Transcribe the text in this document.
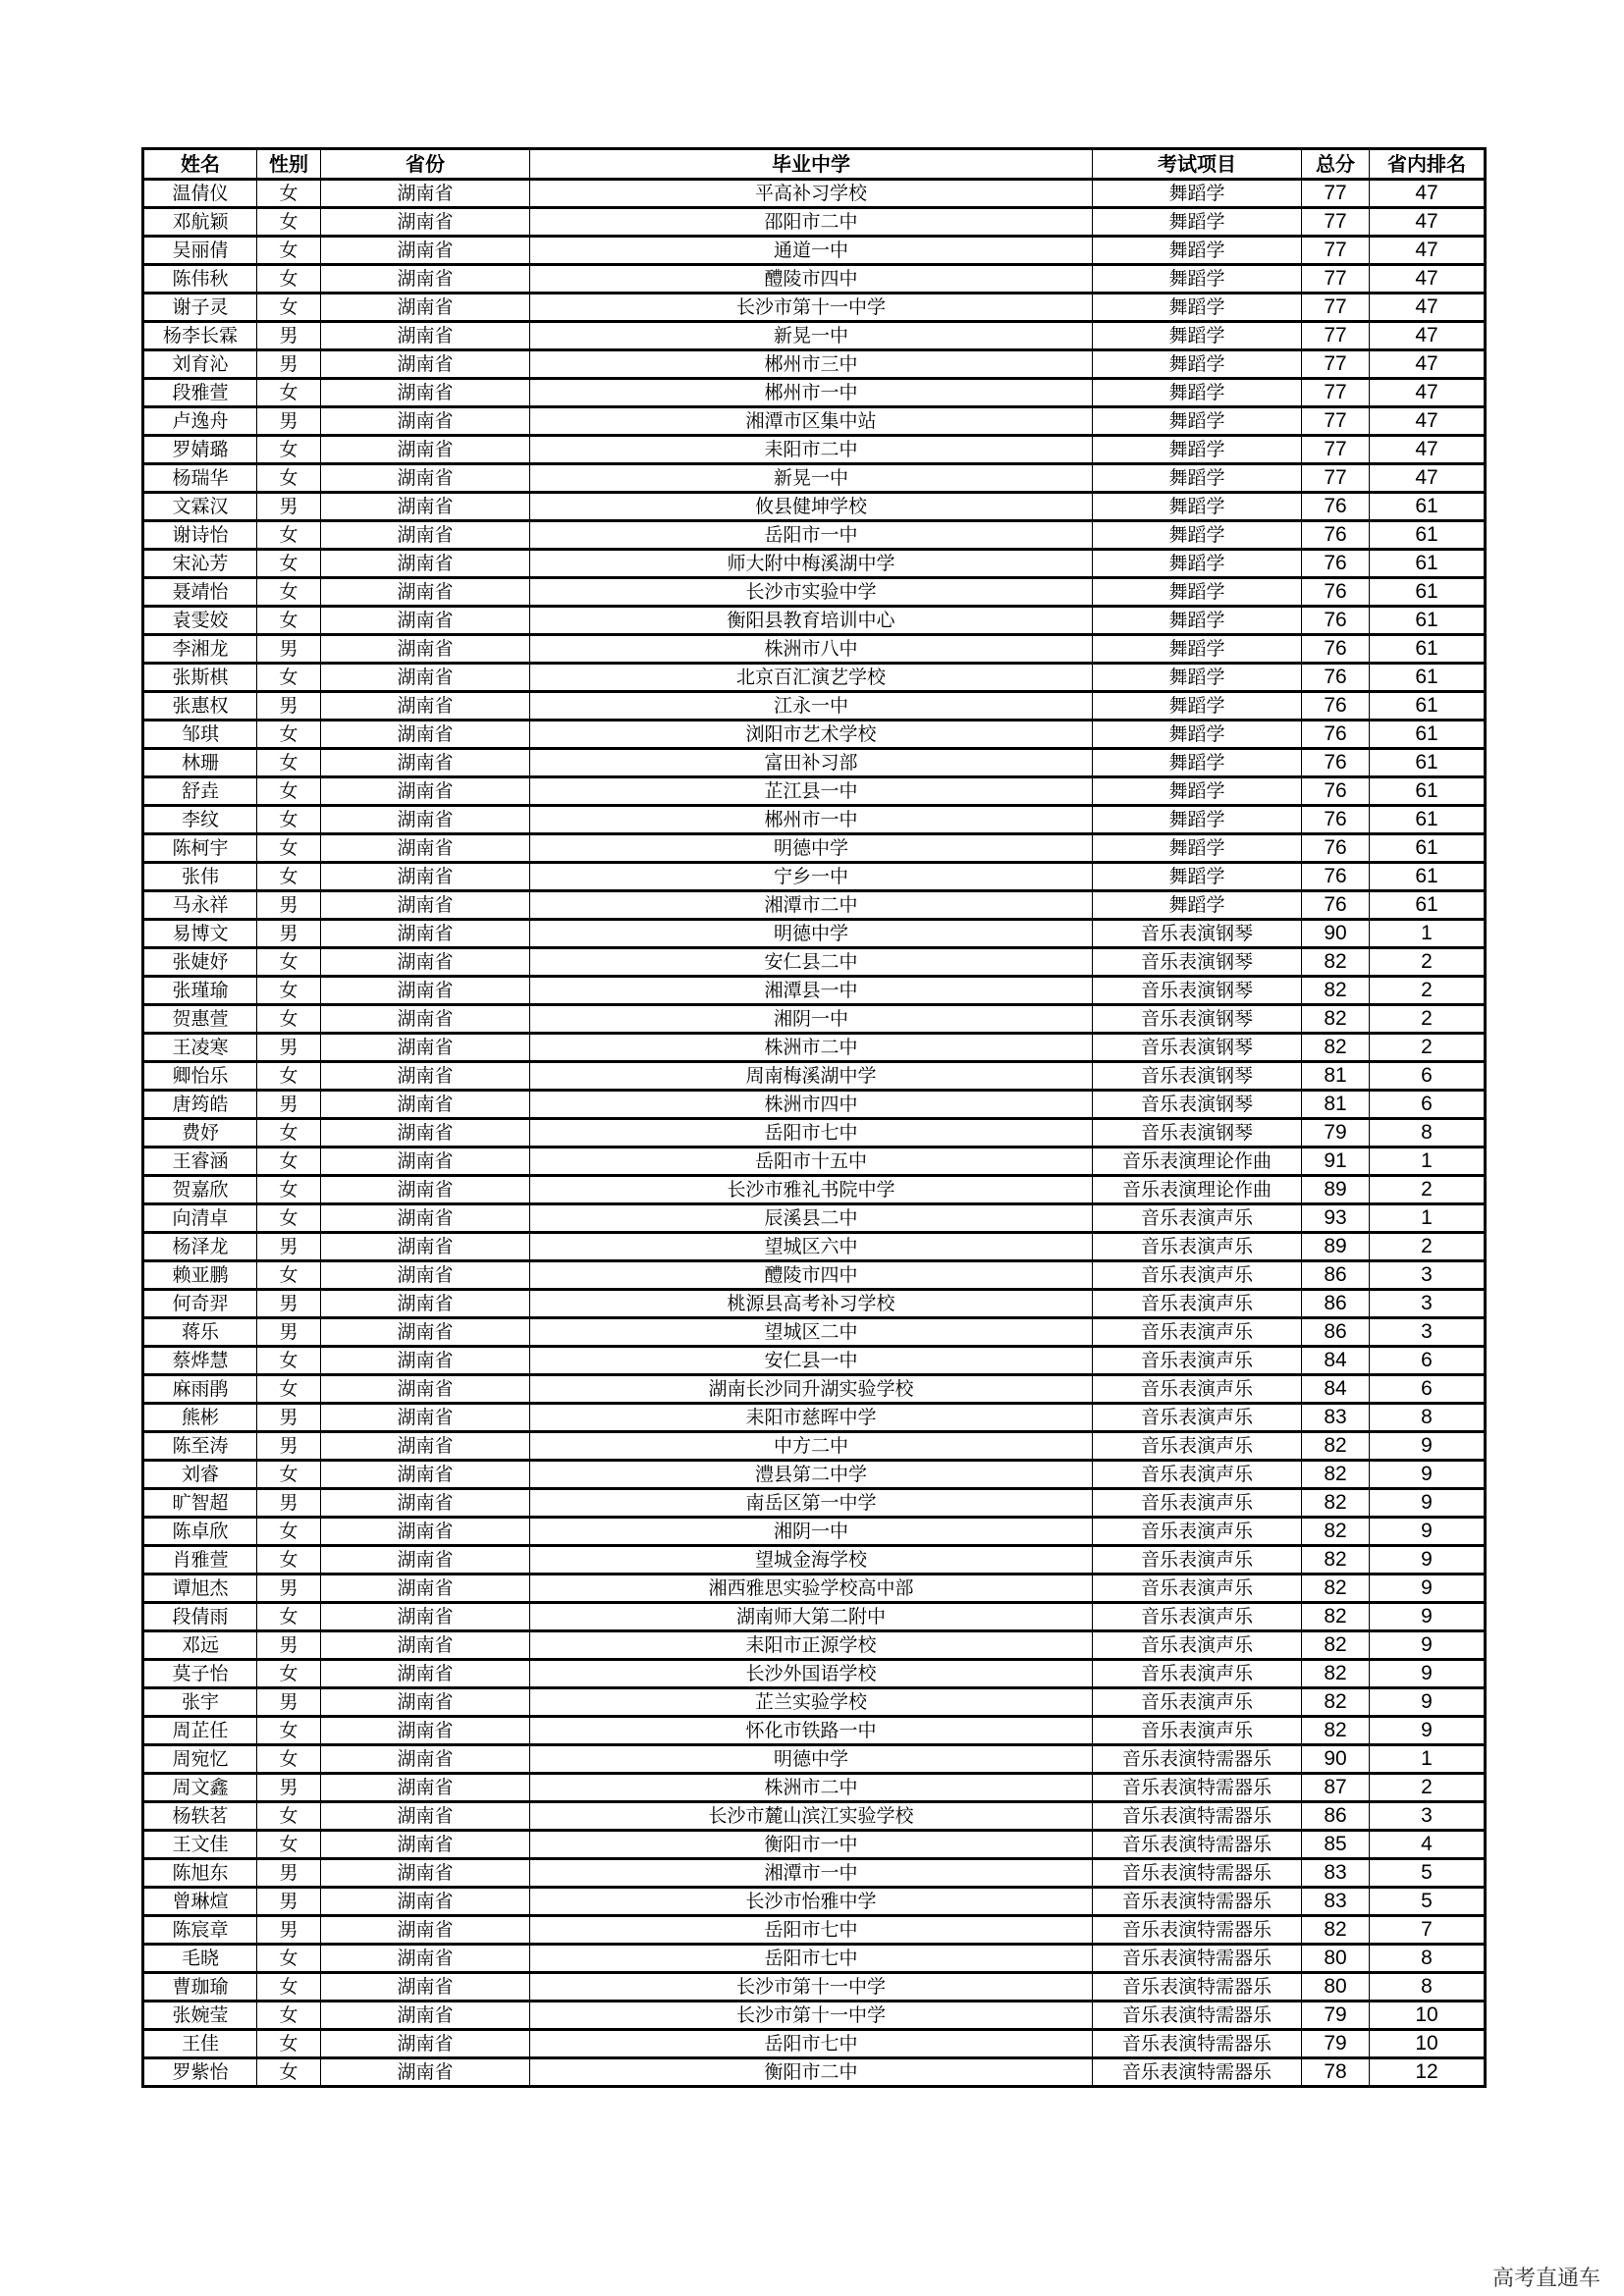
姓名	性别	省份	毕业中学	考试项目	总分	省内排名
温倩仪	女	湖南省	平高补习学校	舞蹈学	77	47
邓航颖	女	湖南省	邵阳市二中	舞蹈学	77	47
吴丽倩	女	湖南省	通道一中	舞蹈学	77	47
陈伟秋	女	湖南省	醴陵市四中	舞蹈学	77	47
谢子灵	女	湖南省	长沙市第十一中学	舞蹈学	77	47
杨李长霖	男	湖南省	新晃一中	舞蹈学	77	47
刘育沁	男	湖南省	郴州市三中	舞蹈学	77	47
段雅萱	女	湖南省	郴州市一中	舞蹈学	77	47
卢逸舟	男	湖南省	湘潭市区集中站	舞蹈学	77	47
罗婧璐	女	湖南省	耒阳市二中	舞蹈学	77	47
杨瑞华	女	湖南省	新晃一中	舞蹈学	77	47
文霖汉	男	湖南省	攸县健坤学校	舞蹈学	76	61
谢诗怡	女	湖南省	岳阳市一中	舞蹈学	76	61
宋沁芳	女	湖南省	师大附中梅溪湖中学	舞蹈学	76	61
聂靖怡	女	湖南省	长沙市实验中学	舞蹈学	76	61
袁雯姣	女	湖南省	衡阳县教育培训中心	舞蹈学	76	61
李湘龙	男	湖南省	株洲市八中	舞蹈学	76	61
张斯棋	女	湖南省	北京百汇演艺学校	舞蹈学	76	61
张惠权	男	湖南省	江永一中	舞蹈学	76	61
邹琪	女	湖南省	浏阳市艺术学校	舞蹈学	76	61
林珊	女	湖南省	富田补习部	舞蹈学	76	61
舒垚	女	湖南省	芷江县一中	舞蹈学	76	61
李纹	女	湖南省	郴州市一中	舞蹈学	76	61
陈柯宇	女	湖南省	明德中学	舞蹈学	76	61
张伟	女	湖南省	宁乡一中	舞蹈学	76	61
马永祥	男	湖南省	湘潭市二中	舞蹈学	76	61
易博文	男	湖南省	明德中学	音乐表演钢琴	90	1
张婕妤	女	湖南省	安仁县二中	音乐表演钢琴	82	2
张瑾瑜	女	湖南省	湘潭县一中	音乐表演钢琴	82	2
贺惠萱	女	湖南省	湘阴一中	音乐表演钢琴	82	2
王凌寒	男	湖南省	株洲市二中	音乐表演钢琴	82	2
卿怡乐	女	湖南省	周南梅溪湖中学	音乐表演钢琴	81	6
唐筠皓	男	湖南省	株洲市四中	音乐表演钢琴	81	6
费妤	女	湖南省	岳阳市七中	音乐表演钢琴	79	8
王睿涵	女	湖南省	岳阳市十五中	音乐表演理论作曲	91	1
贺嘉欣	女	湖南省	长沙市雅礼书院中学	音乐表演理论作曲	89	2
向清卓	女	湖南省	辰溪县二中	音乐表演声乐	93	1
杨泽龙	男	湖南省	望城区六中	音乐表演声乐	89	2
赖亚鹏	女	湖南省	醴陵市四中	音乐表演声乐	86	3
何奇羿	男	湖南省	桃源县高考补习学校	音乐表演声乐	86	3
蒋乐	男	湖南省	望城区二中	音乐表演声乐	86	3
蔡烨慧	女	湖南省	安仁县一中	音乐表演声乐	84	6
麻雨鹃	女	湖南省	湖南长沙同升湖实验学校	音乐表演声乐	84	6
熊彬	男	湖南省	耒阳市慈晖中学	音乐表演声乐	83	8
陈至涛	男	湖南省	中方二中	音乐表演声乐	82	9
刘睿	女	湖南省	澧县第二中学	音乐表演声乐	82	9
旷智超	男	湖南省	南岳区第一中学	音乐表演声乐	82	9
陈卓欣	女	湖南省	湘阴一中	音乐表演声乐	82	9
肖雅萱	女	湖南省	望城金海学校	音乐表演声乐	82	9
谭旭杰	男	湖南省	湘西雅思实验学校高中部	音乐表演声乐	82	9
段倩雨	女	湖南省	湖南师大第二附中	音乐表演声乐	82	9
邓远	男	湖南省	耒阳市正源学校	音乐表演声乐	82	9
莫子怡	女	湖南省	长沙外国语学校	音乐表演声乐	82	9
张宇	男	湖南省	芷兰实验学校	音乐表演声乐	82	9
周芷任	女	湖南省	怀化市铁路一中	音乐表演声乐	82	9
周宛忆	女	湖南省	明德中学	音乐表演特需器乐	90	1
周文鑫	男	湖南省	株洲市二中	音乐表演特需器乐	87	2
杨轶茗	女	湖南省	长沙市麓山滨江实验学校	音乐表演特需器乐	86	3
王文佳	女	湖南省	衡阳市一中	音乐表演特需器乐	85	4
陈旭东	男	湖南省	湘潭市一中	音乐表演特需器乐	83	5
曾琳煊	男	湖南省	长沙市怡雅中学	音乐表演特需器乐	83	5
陈宸章	男	湖南省	岳阳市七中	音乐表演特需器乐	82	7
毛晓	女	湖南省	岳阳市七中	音乐表演特需器乐	80	8
曹珈瑜	女	湖南省	长沙市第十一中学	音乐表演特需器乐	80	8
张婉莹	女	湖南省	长沙市第十一中学	音乐表演特需器乐	79	10
王佳	女	湖南省	岳阳市七中	音乐表演特需器乐	79	10
罗紫怡	女	湖南省	衡阳市二中	音乐表演特需器乐	78	12
高考直通车
